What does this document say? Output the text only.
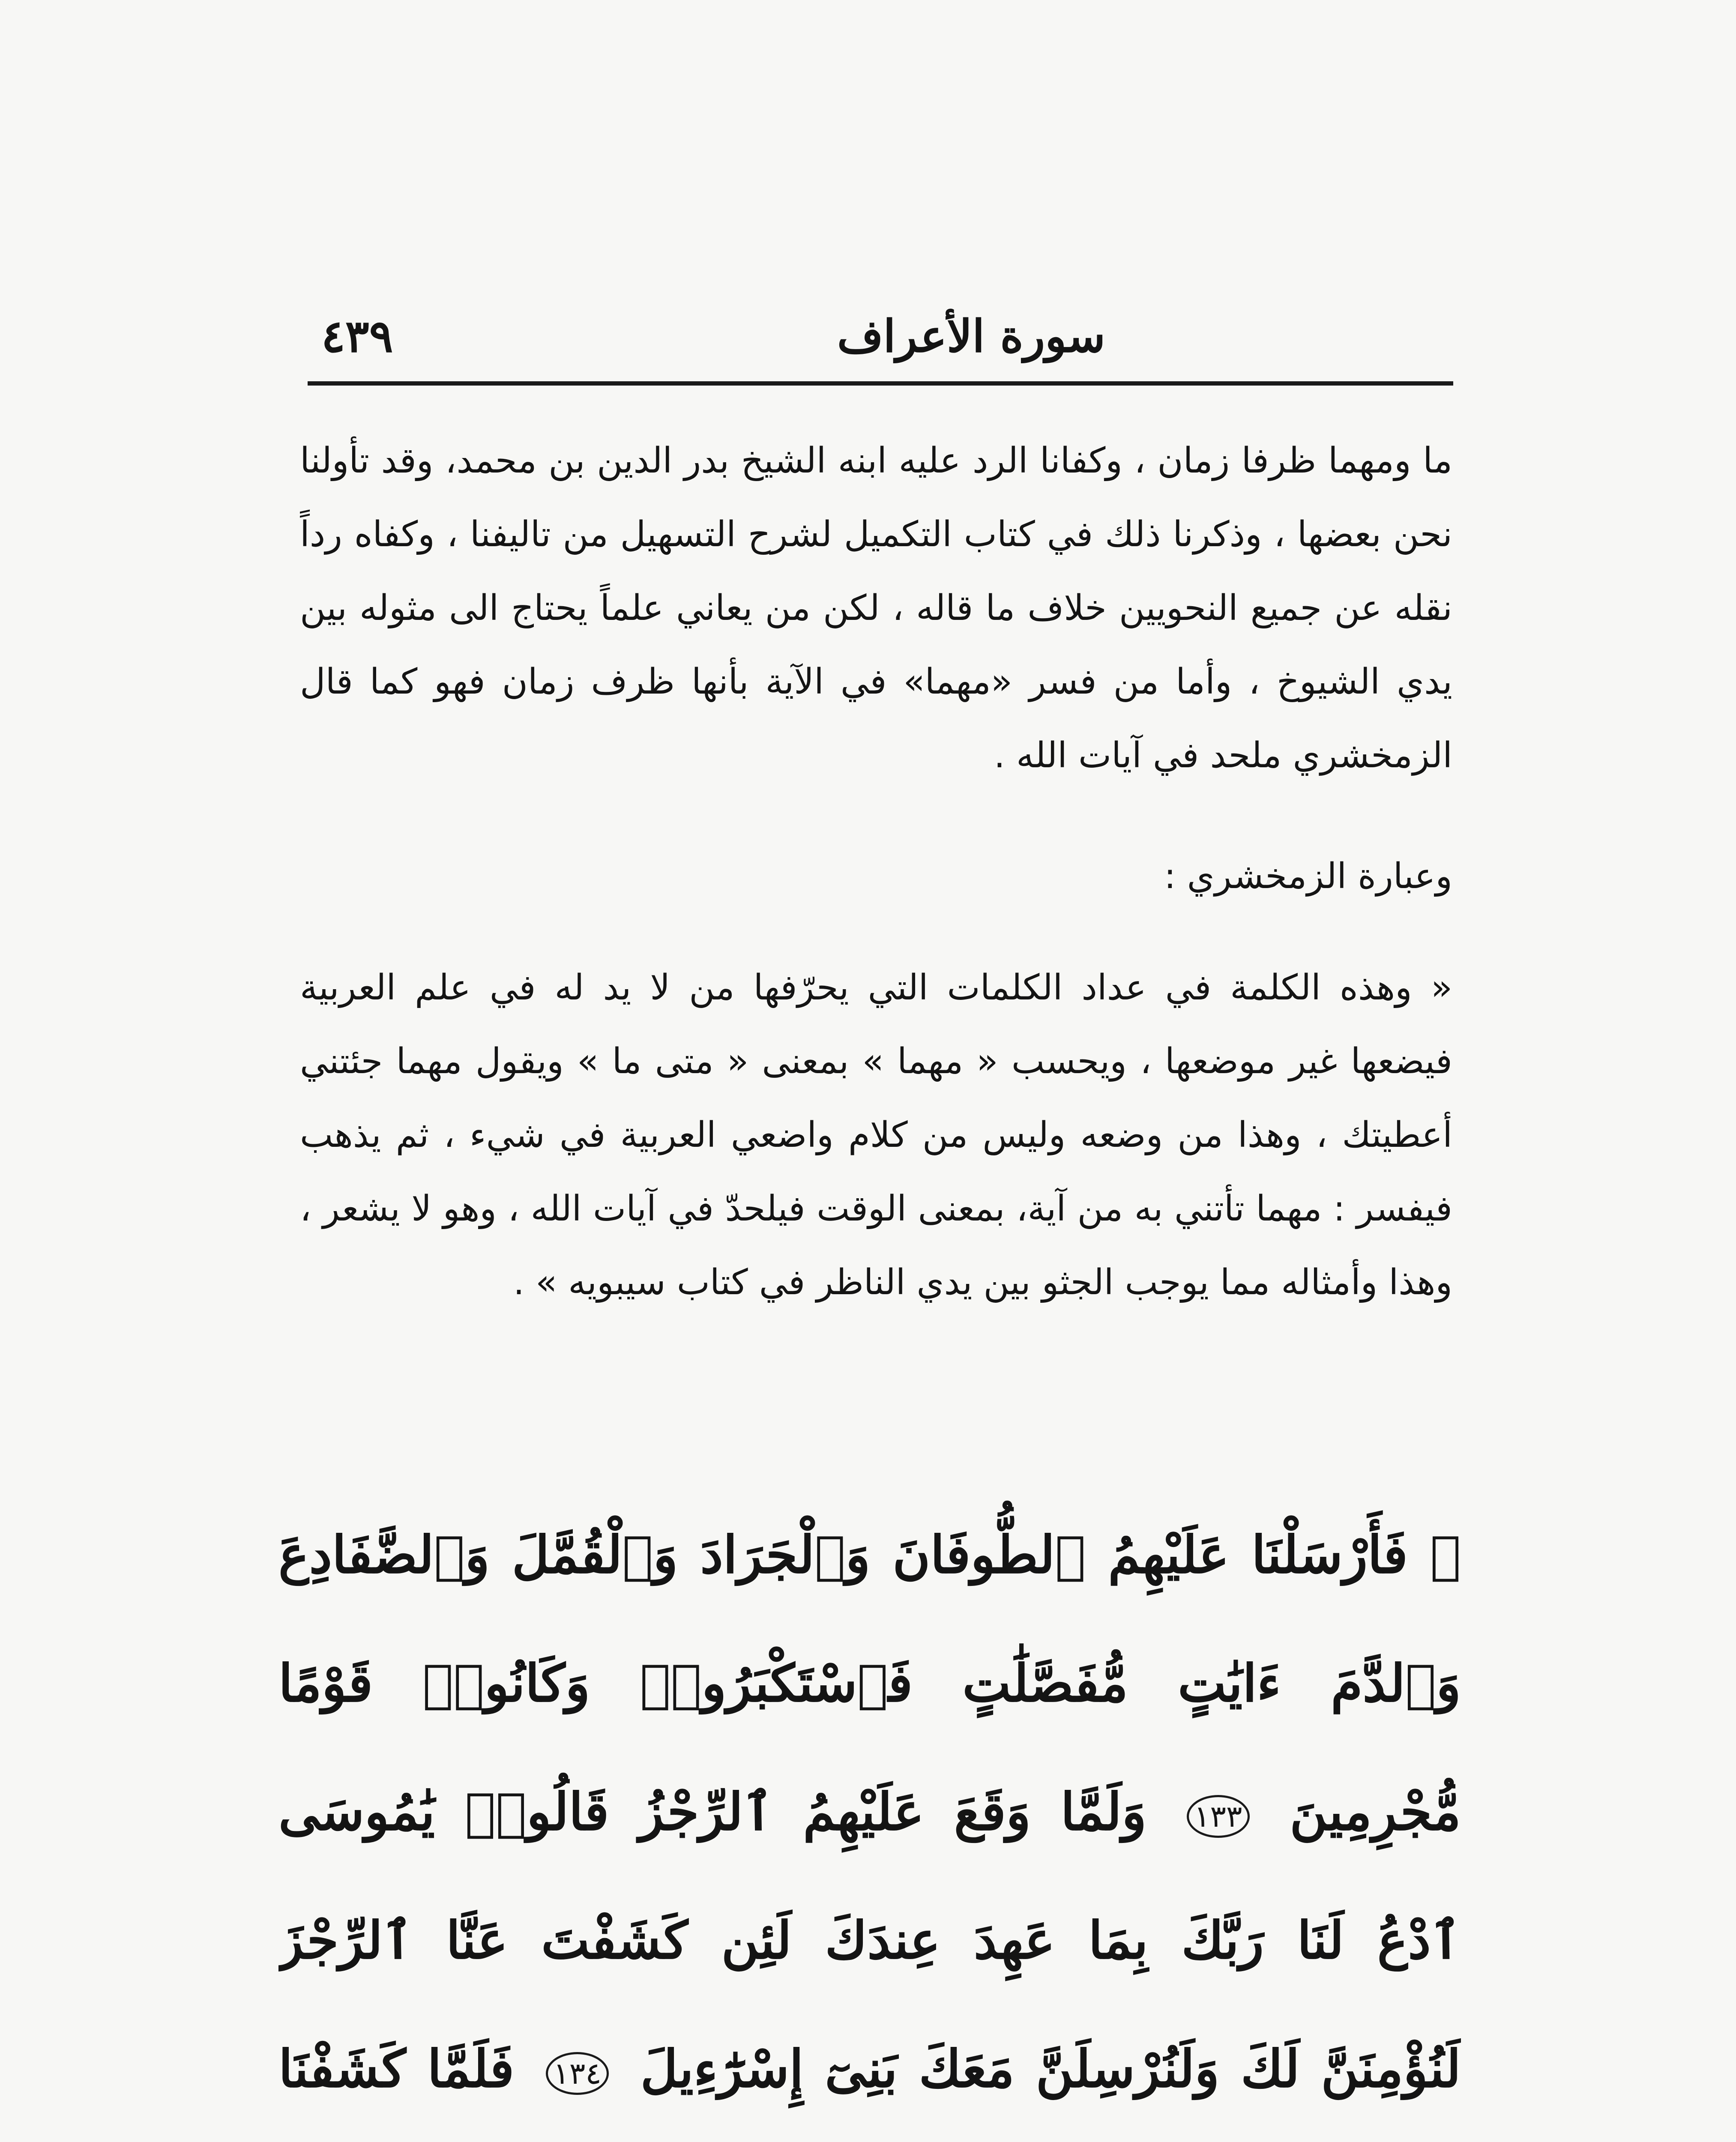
سورة الأعراف
٤٣٩
ما ومهما ظرفا زمان ، وكفانا الرد عليه ابنه الشيخ بدر الدين بن محمد، وقد تأولنا نحن بعضها ، وذكرنا ذلك في كتاب التكميل لشرح التسهيل من تاليفنا ، وكفاه رداً نقله عن جميع النحويين خلاف ما قاله ، لكن من يعاني علماً يحتاج الى مثوله بين يدي الشيوخ ، وأما من فسر «مهما» في الآية بأنها ظرف زمان فهو كما قال الزمخشري ملحد في آيات الله .
وعبارة الزمخشري :
« وهذه الكلمة في عداد الكلمات التي يحرّفها من لا يد له في علم العربية فيضعها غير موضعها ، ويحسب « مهما » بمعنى « متى ما » ويقول مهما جئتني أعطيتك ، وهذا من وضعه وليس من كلام واضعي العربية في شيء ، ثم يذهب فيفسر : مهما تأتني به من آية، بمعنى الوقت فيلحدّ في آيات الله ، وهو لا يشعر ، وهذا وأمثاله مما يوجب الجثو بين يدي الناظر في كتاب سيبويه » .
﴿ فَأَرْسَلْنَا عَلَيْهِمُ ٱلطُّوفَانَ وَٱلْجَرَادَ وَٱلْقُمَّلَ وَٱلضَّفَادِعَ وَٱلدَّمَ ءَايَٰتٍ مُّفَصَّلَٰتٍ فَٱسْتَكْبَرُوا۟ وَكَانُوا۟ قَوْمًا مُّجْرِمِينَ ١٣٣ وَلَمَّا وَقَعَ عَلَيْهِمُ ٱلرِّجْزُ قَالُوا۟ يَٰمُوسَى ٱدْعُ لَنَا رَبَّكَ بِمَا عَهِدَ عِندَكَ لَئِن كَشَفْتَ عَنَّا ٱلرِّجْزَ لَنُؤْمِنَنَّ لَكَ وَلَنُرْسِلَنَّ مَعَكَ بَنِىٓ إِسْرَٰٓءِيلَ ١٣٤ فَلَمَّا كَشَفْنَا
